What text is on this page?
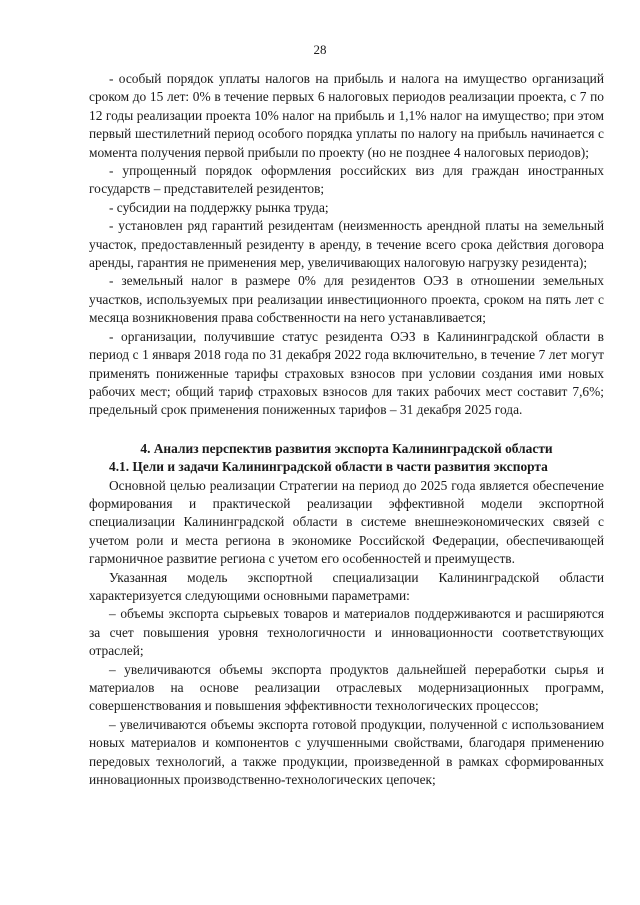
28

- особый порядок уплаты налогов на прибыль и налога на имущество организаций сроком до 15 лет: 0% в течение первых 6 налоговых периодов реализации проекта, с 7 по 12 годы реализации проекта 10% налог на прибыль и 1,1% налог на имущество; при этом первый шестилетний период особого порядка уплаты по налогу на прибыль начинается с момента получения первой прибыли по проекту (но не позднее 4 налоговых периодов);

- упрощенный порядок оформления российских виз для граждан иностранных государств – представителей резидентов;

- субсидии на поддержку рынка труда;

- установлен ряд гарантий резидентам (неизменность арендной платы на земельный участок, предоставленный резиденту в аренду, в течение всего срока действия договора аренды, гарантия не применения мер, увеличивающих налоговую нагрузку резидента);

- земельный налог в размере 0% для резидентов ОЭЗ в отношении земельных участков, используемых при реализации инвестиционного проекта, сроком на пять лет с месяца возникновения права собственности на него устанавливается;

- организации, получившие статус резидента ОЭЗ в Калининградской области в период с 1 января 2018 года по 31 декабря 2022 года включительно, в течение 7 лет могут применять пониженные тарифы страховых взносов при условии создания ими новых рабочих мест; общий тариф страховых взносов для таких рабочих мест составит 7,6%; предельный срок применения пониженных тарифов – 31 декабря 2025 года.

4. Анализ перспектив развития экспорта Калининградской области
4.1. Цели и задачи Калининградской области в части развития экспорта

Основной целью реализации Стратегии на период до 2025 года является обеспечение формирования и практической реализации эффективной модели экспортной специализации Калининградской области в системе внешнеэкономических связей с учетом роли и места региона в экономике Российской Федерации, обеспечивающей гармоничное развитие региона с учетом его особенностей и преимуществ.

Указанная модель экспортной специализации Калининградской области характеризуется следующими основными параметрами:

– объемы экспорта сырьевых товаров и материалов поддерживаются и расширяются за счет повышения уровня технологичности и инновационности соответствующих отраслей;

– увеличиваются объемы экспорта продуктов дальнейшей переработки сырья и материалов на основе реализации отраслевых модернизационных программ, совершенствования и повышения эффективности технологических процессов;

– увеличиваются объемы экспорта готовой продукции, полученной с использованием новых материалов и компонентов с улучшенными свойствами, благодаря применению передовых технологий, а также продукции, произведенной в рамках сформированных инновационных производственно-технологических цепочек;
